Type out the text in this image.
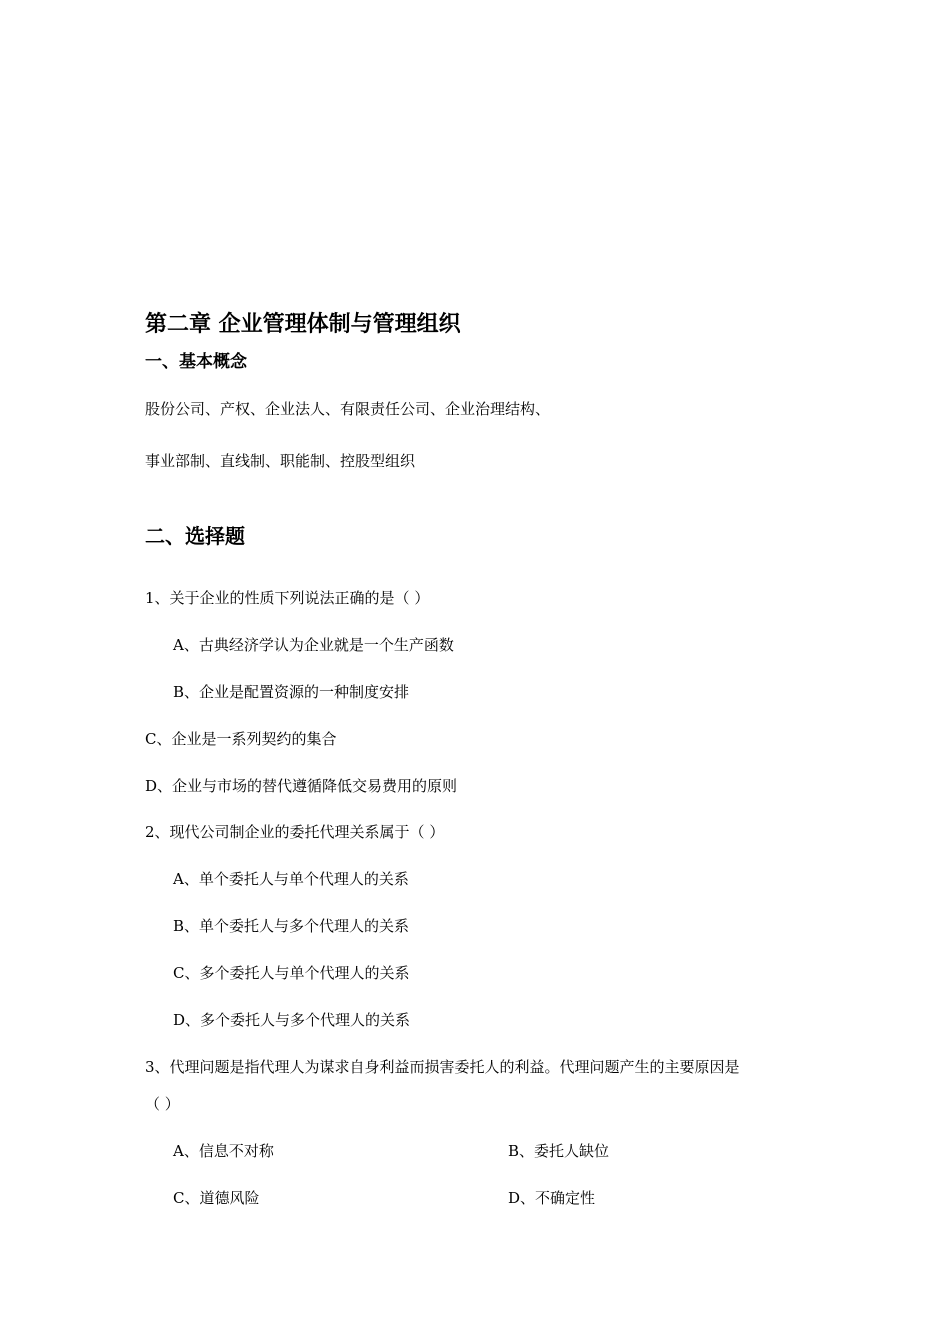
第二章 企业管理体制与管理组织
一、基本概念

股份公司、产权、企业法人、有限责任公司、企业治理结构、

事业部制、直线制、职能制、控股型组织

二、选择题

1、关于企业的性质下列说法正确的是（ ）

A、古典经济学认为企业就是一个生产函数

B、企业是配置资源的一种制度安排

C、企业是一系列契约的集合

D、企业与市场的替代遵循降低交易费用的原则

2、现代公司制企业的委托代理关系属于（ ）

A、单个委托人与单个代理人的关系

B、单个委托人与多个代理人的关系

C、多个委托人与单个代理人的关系

D、多个委托人与多个代理人的关系

3、代理问题是指代理人为谋求自身利益而损害委托人的利益。代理问题产生的主要原因是

（ ）

A、信息不对称	B、委托人缺位

C、道德风险	D、不确定性
